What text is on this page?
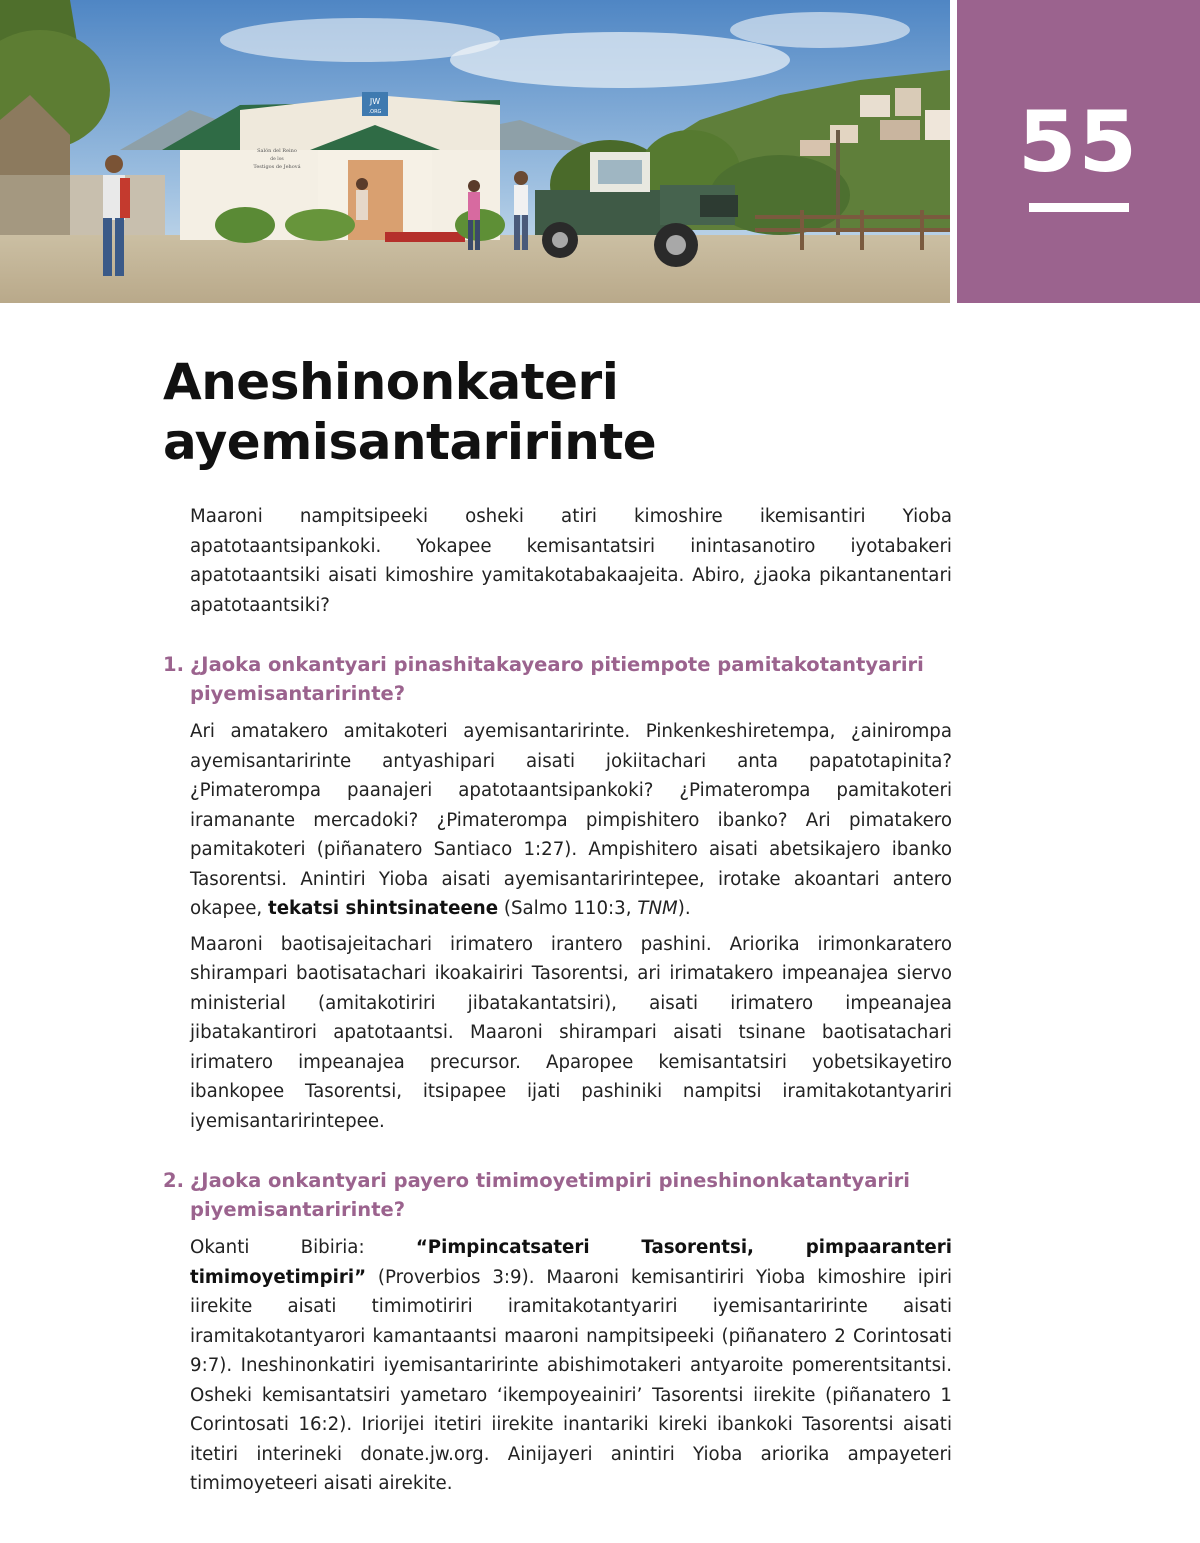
JW
.ORG
Salón del Reino
de los
Testigos de Jehová	55
Aneshinonkateri
ayemisantaririnte

Maaroni nampitsipeeki osheki atiri kimoshire ikemisantiri Yioba apatotaantsipankoki. Yokapee kemisantatsiri inintasanotiro iyotabakeri apatotaantsiki aisati kimoshire yamitakotabakaajeita. Abiro, ¿jaoka pikantanentari apatotaantsiki?

1. ¿Jaoka onkantyari pinashitakayearo pitiempote pamitakotantyariri piyemisantaririnte?

Ari amatakero amitakoteri ayemisantaririnte. Pinkenkeshiretempa, ¿ainirompa ayemisantaririnte antyashipari aisati jokiitachari anta papatotapinita? ¿Pimaterompa paanajeri apatotaantsipankoki? ¿Pimaterompa pamitakoteri iramanante mercadoki? ¿Pimaterompa pimpishitero ibanko? Ari pimatakero pamitakoteri (piñanatero Santiaco 1:27). Ampishitero aisati abetsikajero ibanko Tasorentsi. Anintiri Yioba aisati ayemisantaririntepee, irotake akoantari antero okapee, tekatsi shintsinateene (Salmo 110:3, TNM).

Maaroni baotisajeitachari irimatero irantero pashini. Ariorika irimonkaratero shirampari baotisatachari ikoakairiri Tasorentsi, ari irimatakero impeanajea siervo ministerial (amitakotiriri jibatakantatsiri), aisati irimatero impeanajea jibatakantirori apatotaantsi. Maaroni shirampari aisati tsinane baotisatachari irimatero impeanajea precursor. Aparopee kemisantatsiri yobetsikayetiro ibankopee Tasorentsi, itsipapee ijati pashiniki nampitsi iramitakotantyariri iyemisantaririntepee.

2. ¿Jaoka onkantyari payero timimoyetimpiri pineshinonkatantyariri piyemisantaririnte?

Okanti Bibiria:	“Pimpincatsateri Tasorentsi, pimpaaranteri timimoyetimpiri” (Proverbios 3:9). Maaroni kemisantiriri Yioba kimoshire ipiri iirekite aisati timimotiriri iramitakotantyariri iyemisantaririnte aisati iramitakotantyarori kamantaantsi maaroni nampitsipeeki (piñanatero 2 Corintosati 9:7). Ineshinonkatiri iyemisantaririnte abishimotakeri antyaroite pomerentsitantsi. Osheki kemisantatsiri yametaro ‘ikempoyeainiri’ Tasorentsi iirekite (piñanatero 1 Corintosati 16:2). Iriorijei itetiri iirekite inantariki kireki ibankoki Tasorentsi aisati itetiri interineki donate.jw.org. Ainijayeri anintiri Yioba ariorika ampayeteri timimoyeteeri aisati airekite.
